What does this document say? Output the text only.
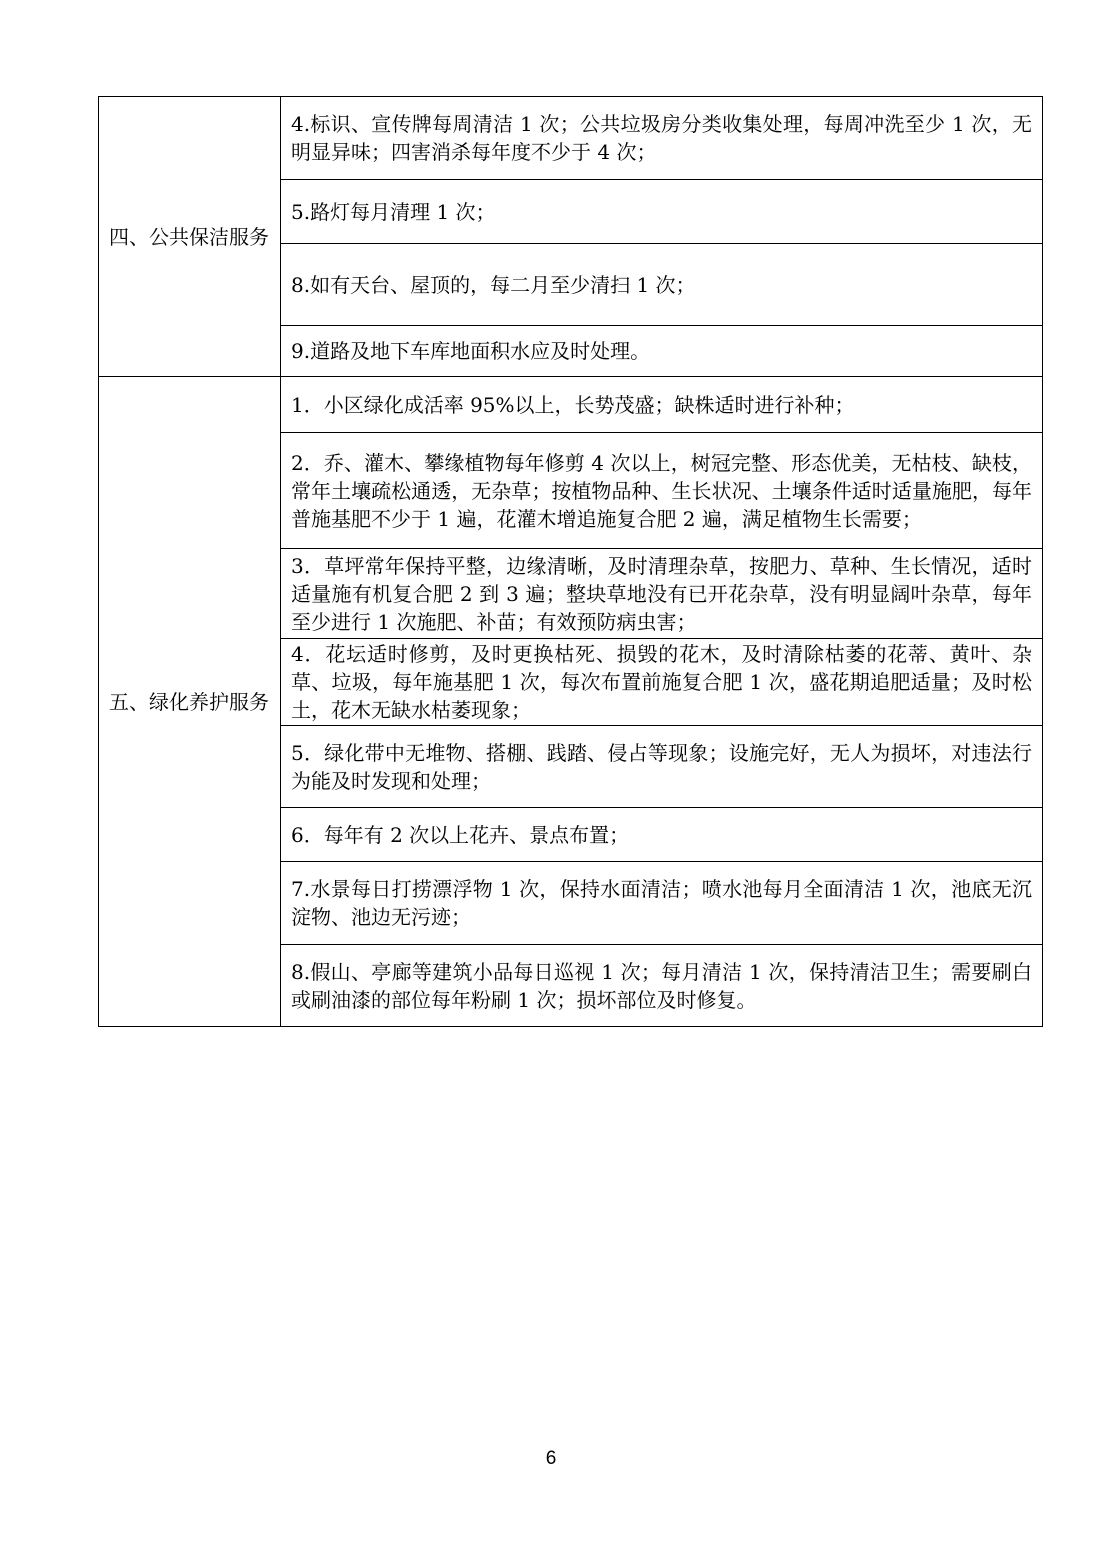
四、公共保洁服务	4.标识、宣传牌每周清洁 1 次；公共垃圾房分类收集处理，每周冲洗至少 1 次，无明显异味；四害消杀每年度不少于 4 次；
	5.路灯每月清理 1 次；
	8.如有天台、屋顶的，每二月至少清扫 1 次；
	9.道路及地下车库地面积水应及时处理。
五、绿化养护服务	1．小区绿化成活率 95%以上，长势茂盛；缺株适时进行补种；
	2．乔、灌木、攀缘植物每年修剪 4 次以上，树冠完整、形态优美，无枯枝、缺枝，常年土壤疏松通透，无杂草；按植物品种、生长状况、土壤条件适时适量施肥，每年普施基肥不少于 1 遍，花灌木增追施复合肥 2 遍，满足植物生长需要；
	3．草坪常年保持平整，边缘清晰，及时清理杂草，按肥力、草种、生长情况，适时适量施有机复合肥 2 到 3 遍；整块草地没有已开花杂草，没有明显阔叶杂草，每年至少进行 1 次施肥、补苗；有效预防病虫害；
	4．花坛适时修剪，及时更换枯死、损毁的花木，及时清除枯萎的花蒂、黄叶、杂草、垃圾，每年施基肥 1 次，每次布置前施复合肥 1 次，盛花期追肥适量；及时松土，花木无缺水枯萎现象；
	5．绿化带中无堆物、搭棚、践踏、侵占等现象；设施完好，无人为损坏，对违法行为能及时发现和处理；
	6．每年有 2 次以上花卉、景点布置；
	7.水景每日打捞漂浮物 1 次，保持水面清洁；喷水池每月全面清洁 1 次，池底无沉淀物、池边无污迹；
	8.假山、亭廊等建筑小品每日巡视 1 次；每月清洁 1 次，保持清洁卫生；需要刷白或刷油漆的部位每年粉刷 1 次；损坏部位及时修复。
6
